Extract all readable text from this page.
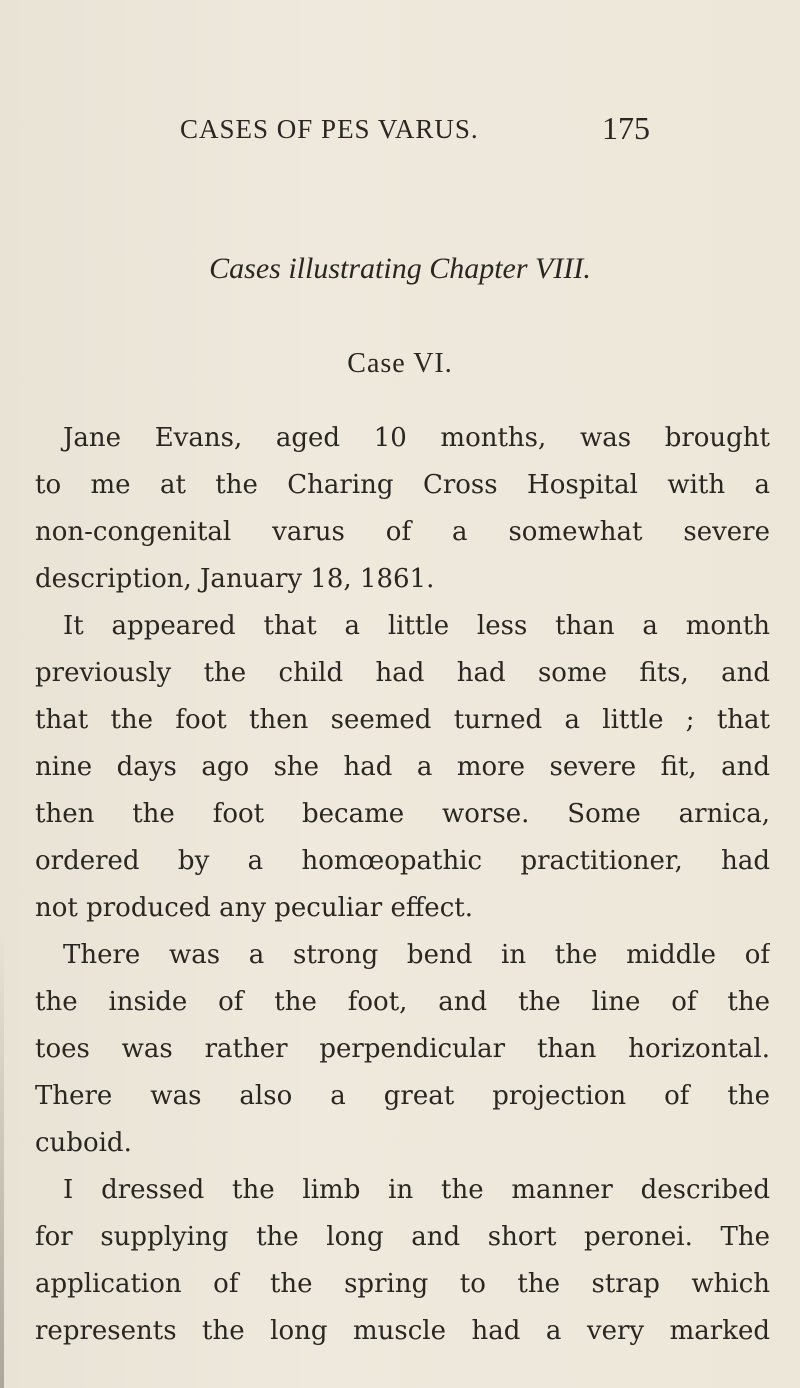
CASES OF PES VARUS.	175
Cases illustrating Chapter VIII.
Case VI.
Jane Evans, aged 10 months, was brought
to me at the Charing Cross Hospital with a
non-congenital varus of a somewhat severe
description, January 18, 1861.
It appeared that a little less than a month
previously the child had had some fits, and
that the foot then seemed turned a little ; that
nine days ago she had a more severe fit, and
then the foot became worse. Some arnica,
ordered by a homœopathic practitioner, had
not produced any peculiar effect.
There was a strong bend in the middle of
the inside of the foot, and the line of the
toes was rather perpendicular than horizontal.
There was also a great projection of the
cuboid.
I dressed the limb in the manner described
for supplying the long and short peronei. The
application of the spring to the strap which
represents the long muscle had a very marked
